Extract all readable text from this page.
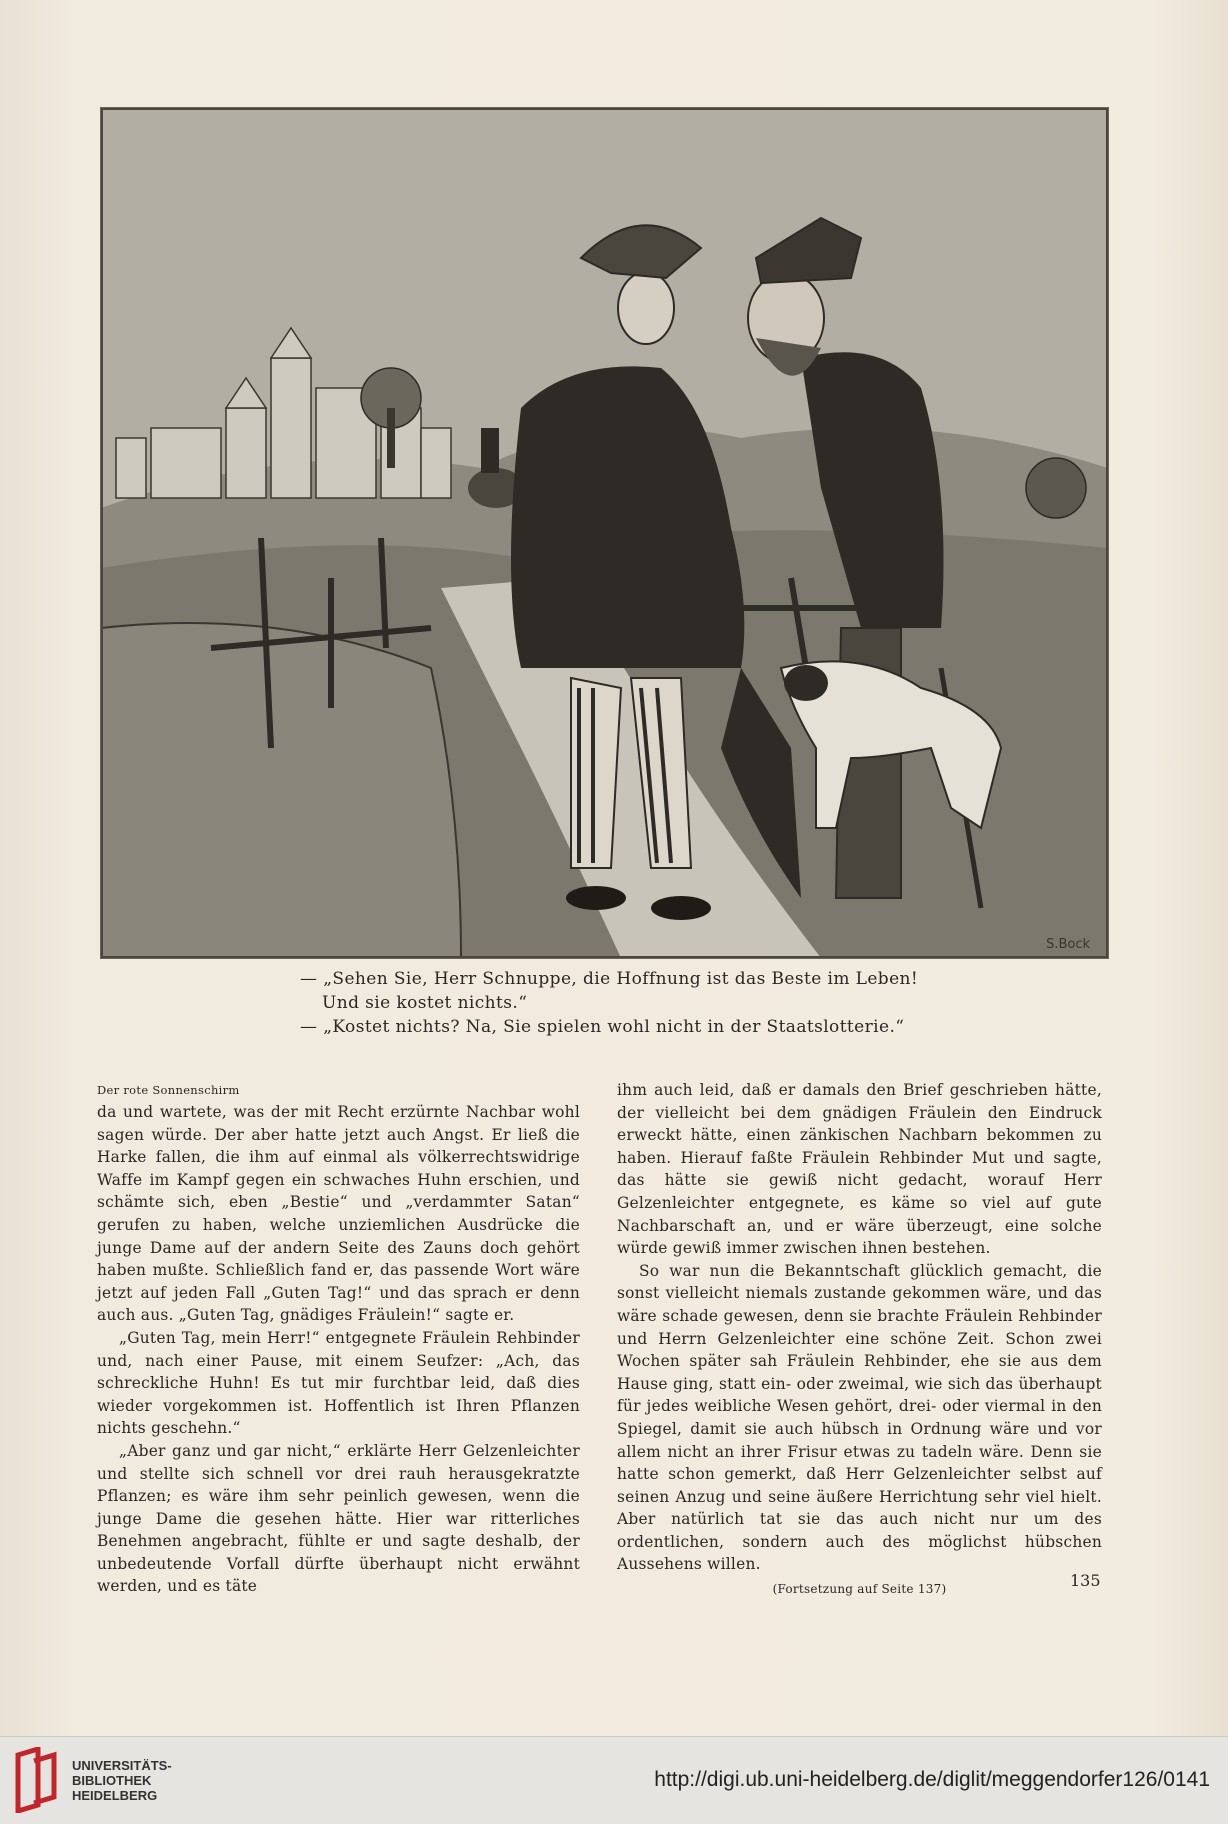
S.Bock

— „Sehen Sie, Herr Schnuppe, die Hoffnung ist das Beste im Leben!

Und sie kostet nichts.“

— „Kostet nichts? Na, Sie spielen wohl nicht in der Staatslotterie.“

Der rote Sonnenschirm

da und wartete, was der mit Recht erzürnte Nachbar wohl sagen würde. Der aber hatte jetzt auch Angst. Er ließ die Harke fallen, die ihm auf einmal als völkerrechtswidrige Waffe im Kampf gegen ein schwaches Huhn erschien, und schämte sich, eben „Bestie“ und „verdammter Satan“ gerufen zu haben, welche unziemlichen Ausdrücke die junge Dame auf der andern Seite des Zauns doch gehört haben mußte. Schließlich fand er, das passende Wort wäre jetzt auf jeden Fall „Guten Tag!“ und das sprach er denn auch aus. „Guten Tag, gnädiges Fräulein!“ sagte er.

„Guten Tag, mein Herr!“ entgegnete Fräulein Rehbinder und, nach einer Pause, mit einem Seufzer: „Ach, das schreckliche Huhn! Es tut mir furchtbar leid, daß dies wieder vorgekommen ist. Hoffentlich ist Ihren Pflanzen nichts geschehn.“

„Aber ganz und gar nicht,“ erklärte Herr Gelzenleichter und stellte sich schnell vor drei rauh herausgekratzte Pflanzen; es wäre ihm sehr peinlich gewesen, wenn die junge Dame die gesehen hätte. Hier war ritterliches Benehmen angebracht, fühlte er und sagte deshalb, der unbedeutende Vorfall dürfte überhaupt nicht erwähnt werden, und es täte

ihm auch leid, daß er damals den Brief geschrieben hätte, der vielleicht bei dem gnädigen Fräulein den Eindruck erweckt hätte, einen zänkischen Nachbarn bekommen zu haben. Hierauf faßte Fräulein Rehbinder Mut und sagte, das hätte sie gewiß nicht gedacht, worauf Herr Gelzenleichter entgegnete, es käme so viel auf gute Nachbarschaft an, und er wäre überzeugt, eine solche würde gewiß immer zwischen ihnen bestehen.

So war nun die Bekanntschaft glücklich gemacht, die sonst vielleicht niemals zustande gekommen wäre, und das wäre schade gewesen, denn sie brachte Fräulein Rehbinder und Herrn Gelzenleichter eine schöne Zeit. Schon zwei Wochen später sah Fräulein Rehbinder, ehe sie aus dem Hause ging, statt ein- oder zweimal, wie sich das überhaupt für jedes weibliche Wesen gehört, drei- oder viermal in den Spiegel, damit sie auch hübsch in Ordnung wäre und vor allem nicht an ihrer Frisur etwas zu tadeln wäre. Denn sie hatte schon gemerkt, daß Herr Gelzenleichter selbst auf seinen Anzug und seine äußere Herrichtung sehr viel hielt. Aber natürlich tat sie das auch nicht nur um des ordentlichen, sondern auch des möglichst hübschen Aussehens willen.

(Fortsetzung auf Seite 137)	135
UNIVERSITÄTS-
BIBLIOTHEK
HEIDELBERG
http://digi.ub.uni-heidelberg.de/diglit/meggendorfer126/0141
